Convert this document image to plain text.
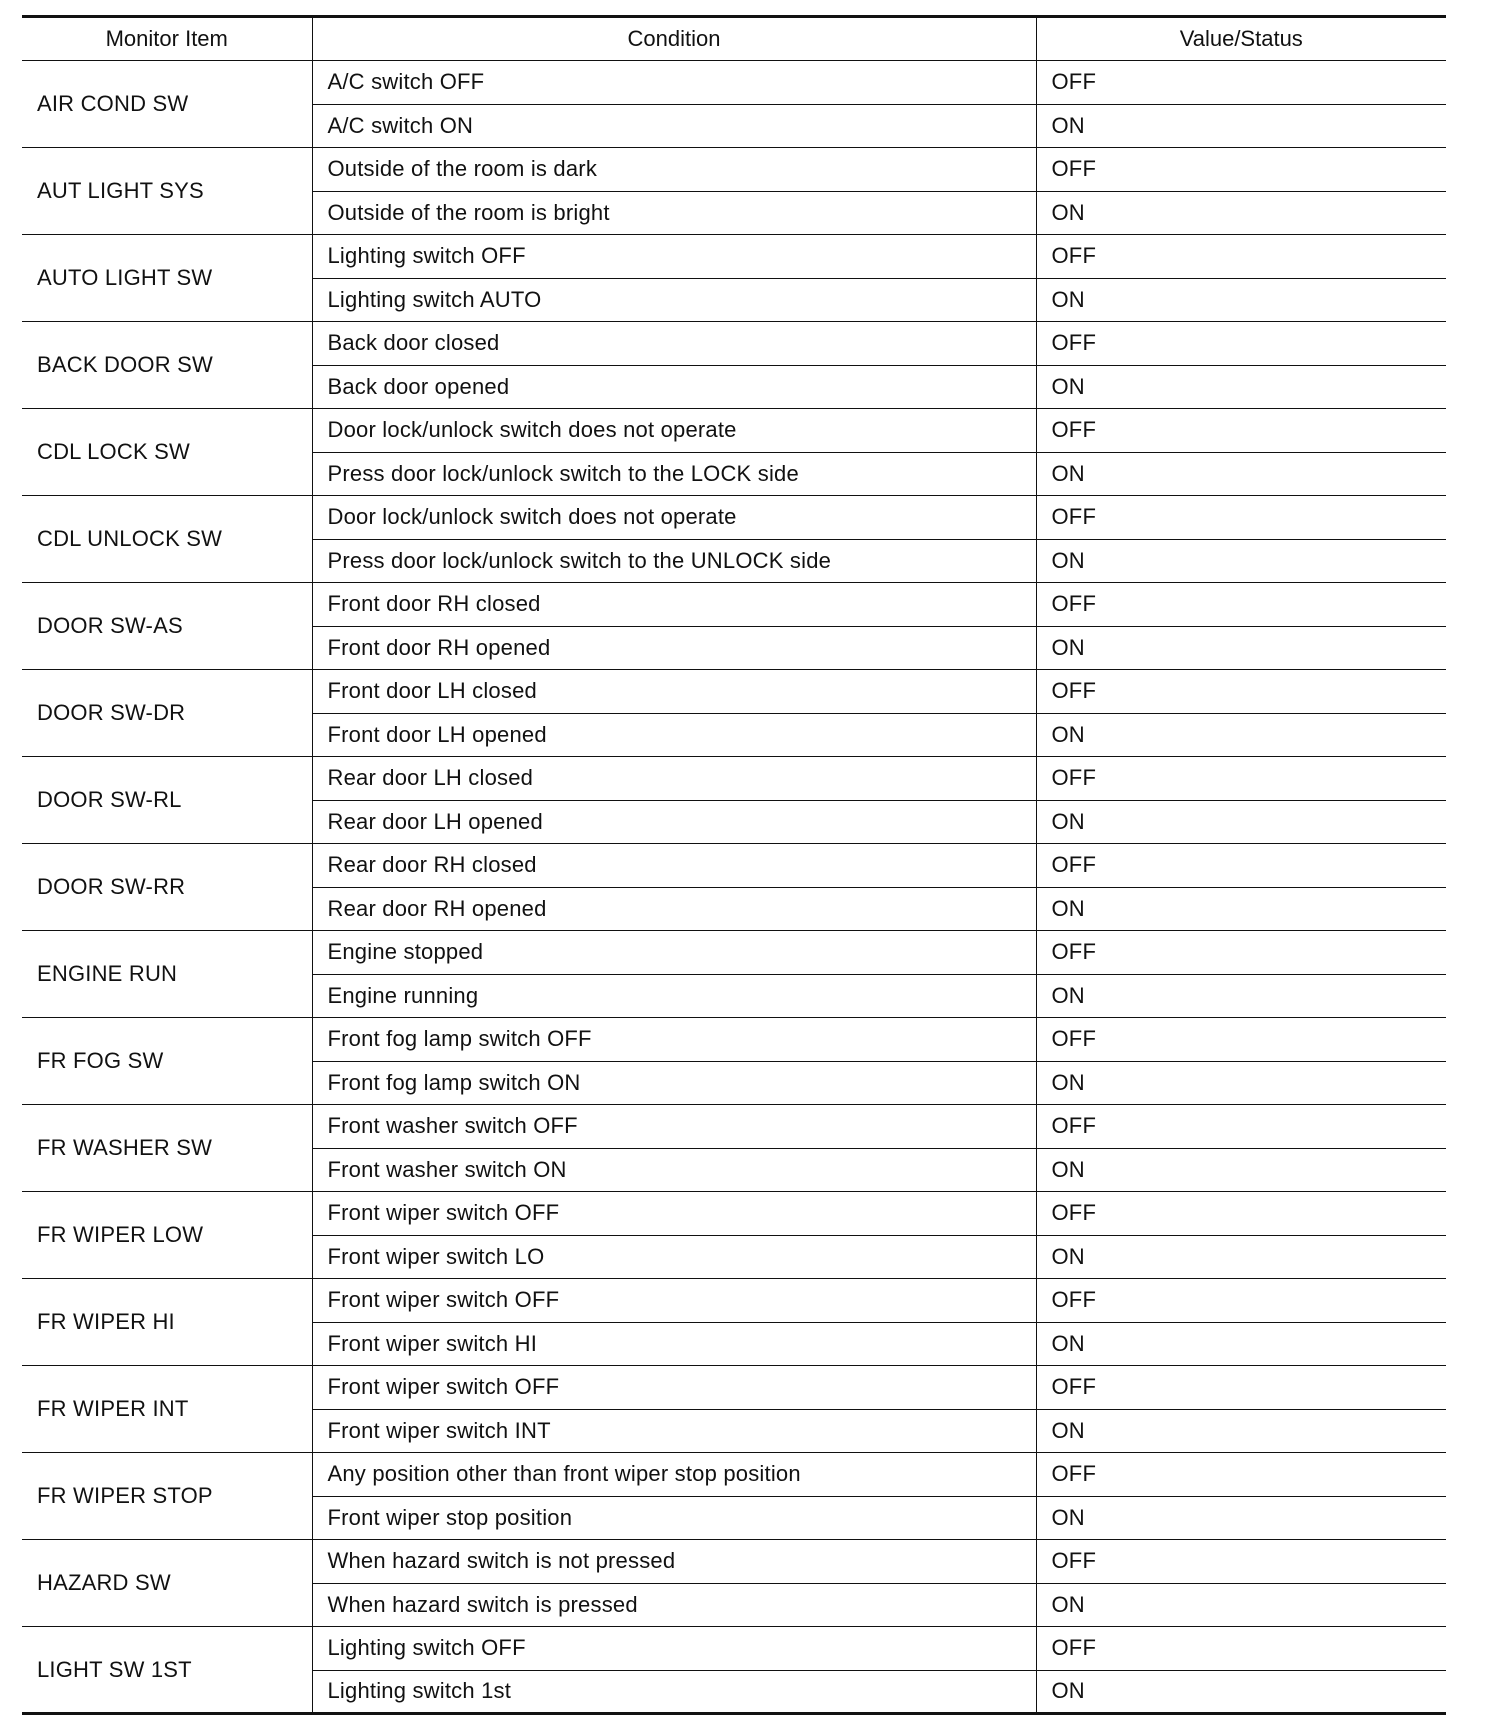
Monitor Item	Condition	Value/Status
AIR COND SW	A/C switch OFF	OFF
	A/C switch ON	ON
AUT LIGHT SYS	Outside of the room is dark	OFF
	Outside of the room is bright	ON
AUTO LIGHT SW	Lighting switch OFF	OFF
	Lighting switch AUTO	ON
BACK DOOR SW	Back door closed	OFF
	Back door opened	ON
CDL LOCK SW	Door lock/unlock switch does not operate	OFF
	Press door lock/unlock switch to the LOCK side	ON
CDL UNLOCK SW	Door lock/unlock switch does not operate	OFF
	Press door lock/unlock switch to the UNLOCK side	ON
DOOR SW-AS	Front door RH closed	OFF
	Front door RH opened	ON
DOOR SW-DR	Front door LH closed	OFF
	Front door LH opened	ON
DOOR SW-RL	Rear door LH closed	OFF
	Rear door LH opened	ON
DOOR SW-RR	Rear door RH closed	OFF
	Rear door RH opened	ON
ENGINE RUN	Engine stopped	OFF
	Engine running	ON
FR FOG SW	Front fog lamp switch OFF	OFF
	Front fog lamp switch ON	ON
FR WASHER SW	Front washer switch OFF	OFF
	Front washer switch ON	ON
FR WIPER LOW	Front wiper switch OFF	OFF
	Front wiper switch LO	ON
FR WIPER HI	Front wiper switch OFF	OFF
	Front wiper switch HI	ON
FR WIPER INT	Front wiper switch OFF	OFF
	Front wiper switch INT	ON
FR WIPER STOP	Any position other than front wiper stop position	OFF
	Front wiper stop position	ON
HAZARD SW	When hazard switch is not pressed	OFF
	When hazard switch is pressed	ON
LIGHT SW 1ST	Lighting switch OFF	OFF
	Lighting switch 1st	ON
